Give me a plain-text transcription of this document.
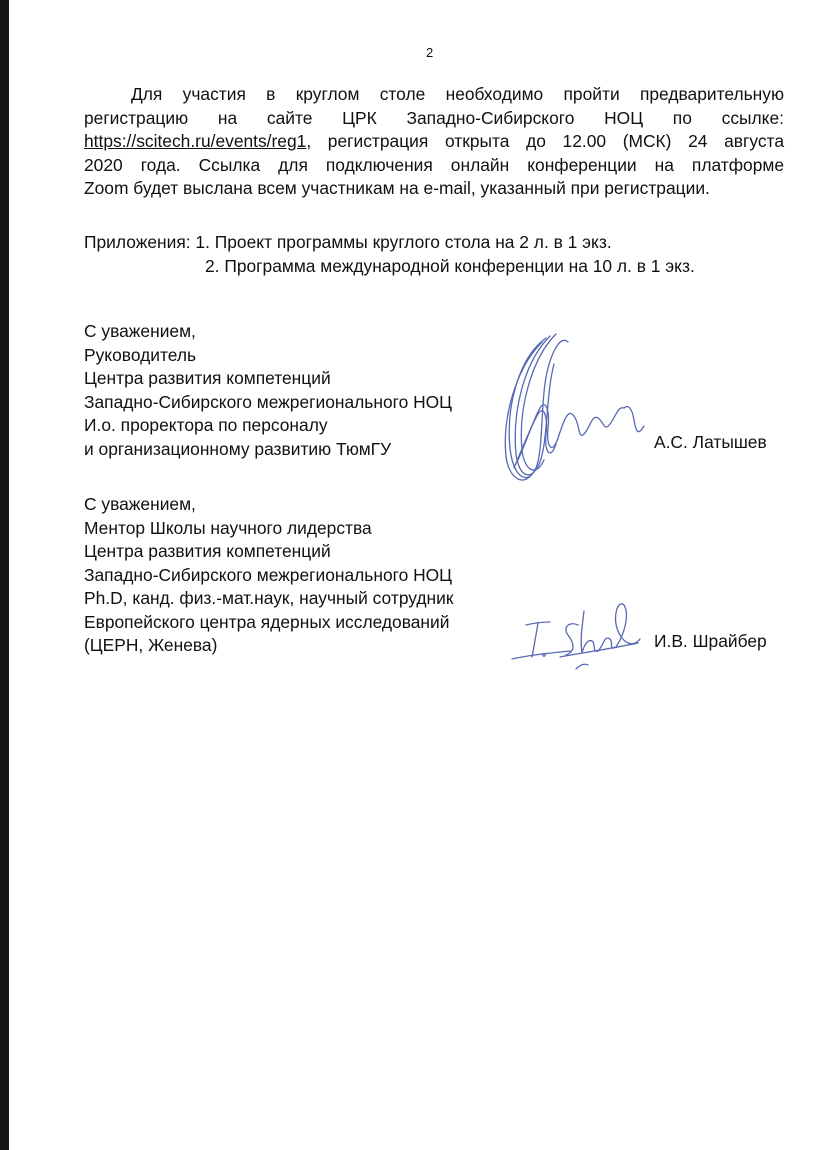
2
Для участия в круглом столе необходимо пройти предварительную
регистрацию на сайте ЦРК Западно-Сибирского НОЦ по ссылке:
https://scitech.ru/events/reg1, регистрация открыта до 12.00 (МСК) 24 августа
2020 года. Ссылка для подключения онлайн конференции на платформе
Zoom будет выслана всем участникам на e-mail, указанный при регистрации.
Приложения: 1. Проект программы круглого стола на 2 л. в 1 экз.
2. Программа международной конференции на 10 л. в 1 экз.
С уважением,
Руководитель
Центра развития компетенций
Западно-Сибирского межрегионального НОЦ
И.о. проректора по персоналу
и организационному развитию ТюмГУ	А.С. Латышев
С уважением,
Ментор Школы научного лидерства
Центра развития компетенций
Западно-Сибирского межрегионального НОЦ
Ph.D, канд. физ.-мат.наук, научный сотрудник
Европейского центра ядерных исследований
(ЦЕРН, Женева)	И.В. Шрайбер
